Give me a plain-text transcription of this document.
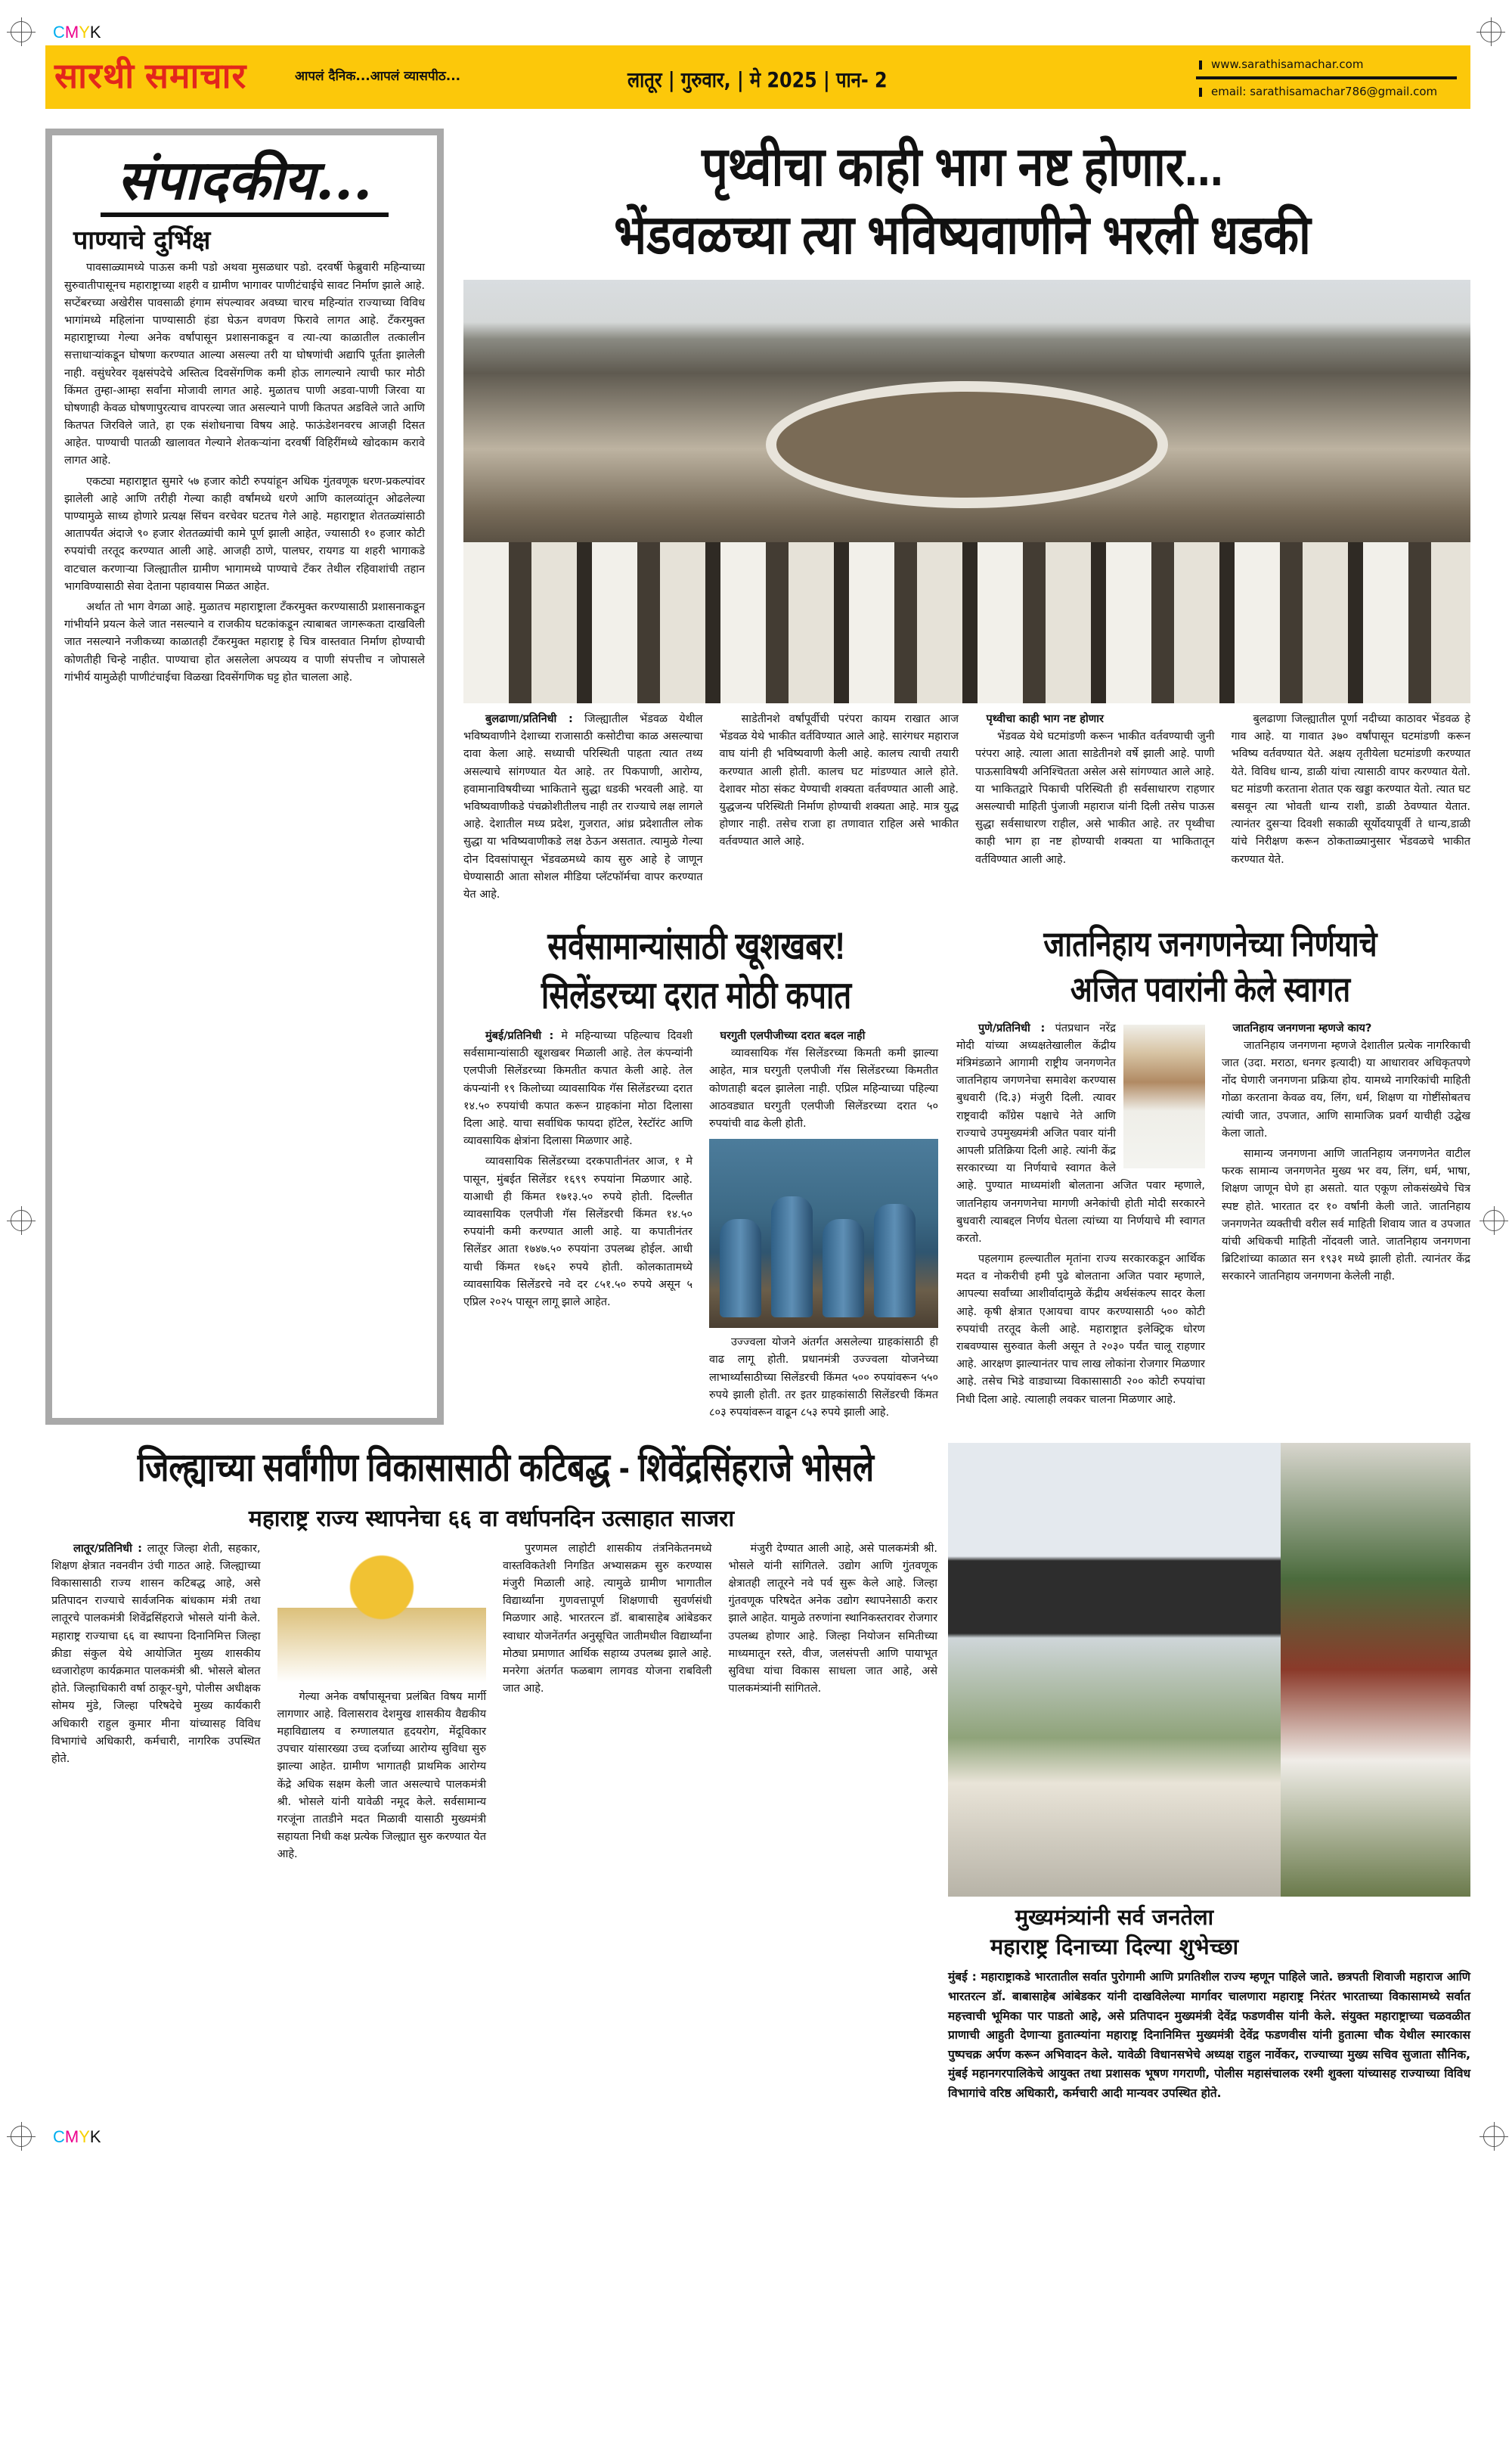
CMYK
सारथी समाचार	आपलं दैनिक...आपलं व्यासपीठ...	लातूर | गुरुवार, | मे 2025 | पान- 2
www.sarathisamachar.com
email: sarathisamachar786@gmail.com
संपादकीय...
पाण्याचे दुर्भिक्ष

पावसाळ्यामध्ये पाऊस कमी पडो अथवा मुसळधार पडो. दरवर्षी फेब्रुवारी महिन्याच्या सुरुवातीपासूनच महाराष्ट्राच्या शहरी व ग्रामीण भागावर पाणीटंचाईचे सावट निर्माण झाले आहे. सप्टेंबरच्या अखेरीस पावसाळी हंगाम संपल्यावर अवघ्या चारच महिन्यांत राज्याच्या विविध भागांमध्ये महिलांना पाण्यासाठी हंडा घेऊन वणवण फिरावे लागत आहे. टँकरमुक्त महाराष्ट्राच्या गेल्या अनेक वर्षांपासून प्रशासनाकडून व त्या-त्या काळातील तत्कालीन सत्ताधाऱ्यांकडून घोषणा करण्यात आल्या असल्या तरी या घोषणांची अद्यापि पूर्तता झालेली नाही. वसुंधरेवर वृक्षसंपदेचे अस्तित्व दिवसेंगणिक कमी होऊ लागल्याने त्याची फार मोठी किंमत तुम्हा-आम्हा सर्वांना मोजावी लागत आहे. मुळातच पाणी अडवा-पाणी जिरवा या घोषणाही केवळ घोषणापुरत्याच वापरल्या जात असल्याने पाणी कितपत अडविले जाते आणि कितपत जिरविले जाते, हा एक संशोधनाचा विषय आहे. फाऊंडेशनवरच आजही दिसत आहेत. पाण्याची पातळी खालावत गेल्याने शेतकऱ्यांना दरवर्षी विहिरींमध्ये खोदकाम करावे लागत आहे.

एकट्या महाराष्ट्रात सुमारे ५७ हजार कोटी रुपयांहून अधिक गुंतवणूक धरण-प्रकल्पांवर झालेली आहे आणि तरीही गेल्या काही वर्षांमध्ये धरणे आणि कालव्यांतून ओढलेल्या पाण्यामुळे साध्य होणारे प्रत्यक्ष सिंचन वरचेवर घटतच गेले आहे. महाराष्ट्रात शेततळ्यांसाठी आतापर्यंत अंदाजे ९० हजार शेततळ्यांची कामे पूर्ण झाली आहेत, ज्यासाठी १० हजार कोटी रुपयांची तरतूद करण्यात आली आहे. आजही ठाणे, पालघर, रायगड या शहरी भागाकडे वाटचाल करणाऱ्या जिल्ह्यातील ग्रामीण भागामध्ये पाण्याचे टँकर तेथील रहिवाशांची तहान भागविण्यासाठी सेवा देताना पहावयास मिळत आहेत.

अर्थात तो भाग वेगळा आहे. मुळातच महाराष्ट्राला टँकरमुक्त करण्यासाठी प्रशासनाकडून गांभीर्याने प्रयत्न केले जात नसल्याने व राजकीय घटकांकडून त्याबाबत जागरूकता दाखविली जात नसल्याने नजीकच्या काळातही टँकरमुक्त महाराष्ट्र हे चित्र वास्तवात निर्माण होण्याची कोणतीही चिन्हे नाहीत. पाण्याचा होत असलेला अपव्यय व पाणी संपत्तीच न जोपासले गांभीर्य यामुळेही पाणीटंचाईचा विळखा दिवसेंगणिक घट्ट होत चालला आहे.

पृथ्वीचा काही भाग नष्ट होणार...
भेंडवळच्या त्या भविष्यवाणीने भरली धडकी

बुलढाणा/प्रतिनिधी : जिल्ह्यातील भेंडवळ येथील भविष्यवाणीने देशाच्या राजासाठी कसोटीचा काळ असल्याचा दावा केला आहे. सध्याची परिस्थिती पाहता त्यात तथ्य असल्याचे सांगण्यात येत आहे. तर पिकपाणी, आरोग्य, हवामानाविषयीच्या भाकिताने सुद्धा धडकी भरवली आहे. या भविष्यवाणीकडे पंचक्रोशीतीलच नाही तर राज्याचे लक्ष लागले आहे. देशातील मध्य प्रदेश, गुजरात, आंध्र प्रदेशातील लोक सुद्धा या भविष्यवाणीकडे लक्ष ठेऊन असतात. त्यामुळे गेल्या दोन दिवसांपासून भेंडवळमध्ये काय सुरु आहे हे जाणून घेण्यासाठी आता सोशल मीडिया प्लॅटफॉर्मचा वापर करण्यात येत आहे.

साडेतीनशे वर्षांपूर्वीची परंपरा कायम राखात आज भेंडवळ येथे भाकीत वर्तविण्यात आले आहे. सारंगधर महाराज वाघ यांनी ही भविष्यवाणी केली आहे. कालच त्याची तयारी करण्यात आली होती. कालच घट मांडण्यात आले होते. देशावर मोठा संकट येण्याची शक्यता वर्तवण्यात आली आहे. युद्धजन्य परिस्थिती निर्माण होण्याची शक्यता आहे. मात्र युद्ध होणार नाही. तसेच राजा हा तणावात राहिल असे भाकीत वर्तवण्यात आले आहे.

पृथ्वीचा काही भाग नष्ट होणार

भेंडवळ येथे घटमांडणी करून भाकीत वर्तवण्याची जुनी परंपरा आहे. त्याला आता साडेतीनशे वर्षे झाली आहे. पाणी पाऊसाविषयी अनिश्चितता असेल असे सांगण्यात आले आहे. या भाकितद्वारे पिकाची परिस्थिती ही सर्वसाधारण राहणार असल्याची माहिती पुंजाजी महाराज यांनी दिली तसेच पाऊस सुद्धा सर्वसाधारण राहील, असे भाकीत आहे. तर पृथ्वीचा काही भाग हा नष्ट होण्याची शक्यता या भाकितातून वर्तविण्यात आली आहे.

बुलढाणा जिल्ह्यातील पूर्णा नदीच्या काठावर भेंडवळ हे गाव आहे. या गावात ३७० वर्षांपासून घटमांडणी करून भविष्य वर्तवण्यात येते. अक्षय तृतीयेला घटमांडणी करण्यात येते. विविध धान्य, डाळी यांचा त्यासाठी वापर करण्यात येतो. घट मांडणी करताना शेतात एक खड्डा करण्यात येतो. त्यात घट बसवून त्या भोवती धान्य राशी, डाळी ठेवण्यात येतात. त्यानंतर दुसऱ्या दिवशी सकाळी सूर्योदयापूर्वी ते धान्य,डाळी यांचे निरीक्षण करून ठोकताळ्यानुसार भेंडवळचे भाकीत करण्यात येते.

सर्वसामान्यांसाठी खूशखबर!
सिलेंडरच्या दरात मोठी कपात

मुंबई/प्रतिनिधी : मे महिन्याच्या पहिल्याच दिवशी सर्वसामान्यांसाठी खूशखबर मिळाली आहे. तेल कंपन्यांनी एलपीजी सिलेंडरच्या किमतीत कपात केली आहे. तेल कंपन्यांनी १९ किलोच्या व्यावसायिक गॅस सिलेंडरच्या दरात १४.५० रुपयांची कपात करून ग्राहकांना मोठा दिलासा दिला आहे. याचा सर्वाधिक फायदा हॉटेल, रेस्टॉरंट आणि व्यावसायिक क्षेत्रांना दिलासा मिळणार आहे.

व्यावसायिक सिलेंडरच्या दरकपातीनंतर आज, १ मे पासून, मुंबईत सिलेंडर १६९९ रुपयांना मिळणार आहे. याआधी ही किंमत १७१३.५० रुपये होती. दिल्लीत व्यावसायिक एलपीजी गॅस सिलेंडरची किंमत १४.५० रुपयांनी कमी करण्यात आली आहे. या कपातीनंतर सिलेंडर आता १७४७.५० रुपयांना उपलब्ध होईल. आधी याची किंमत १७६२ रुपये होती. कोलकातामध्ये व्यावसायिक सिलेंडरचे नवे दर ८५१.५० रुपये असून ५ एप्रिल २०२५ पासून लागू झाले आहेत.

घरगुती एलपीजीच्या दरात बदल नाही

व्यावसायिक गॅस सिलेंडरच्या किमती कमी झाल्या आहेत, मात्र घरगुती एलपीजी गॅस सिलेंडरच्या किमतीत कोणताही बदल झालेला नाही. एप्रिल महिन्याच्या पहिल्या आठवड्यात घरगुती एलपीजी सिलेंडरच्या दरात ५० रुपयांची वाढ केली होती.

उज्ज्वला योजने अंतर्गत असलेल्या ग्राहकांसाठी ही वाढ लागू होती. प्रधानमंत्री उज्ज्वला योजनेच्या लाभार्थ्यांसाठीच्या सिलेंडरची किंमत ५०० रुपयांवरून ५५० रुपये झाली होती. तर इतर ग्राहकांसाठी सिलेंडरची किंमत ८०३ रुपयांवरून वाढून ८५३ रुपये झाली आहे.

जातनिहाय जनगणनेच्या निर्णयाचे
अजित पवारांनी केले स्वागत

पुणे/प्रतिनिधी : पंतप्रधान नरेंद्र मोदी यांच्या अध्यक्षतेखालील केंद्रीय मंत्रिमंडळाने आगामी राष्ट्रीय जनगणनेत जातनिहाय जगणनेचा समावेश करण्यास बुधवारी (दि.३) मंजुरी दिली. त्यावर राष्ट्रवादी काँग्रेस पक्षाचे नेते आणि राज्याचे उपमुख्यमंत्री अजित पवार यांनी आपली प्रतिक्रिया दिली आहे. त्यांनी केंद्र सरकारच्या या निर्णयाचे स्वागत केले आहे. पुण्यात माध्यमांशी बोलताना अजित पवार म्हणाले, जातनिहाय जनगणनेचा मागणी अनेकांची होती मोदी सरकारने बुधवारी त्याबद्दल निर्णय घेतला त्यांच्या या निर्णयाचे मी स्वागत करतो.

पहलगाम हल्ल्यातील मृतांना राज्य सरकारकडून आर्थिक मदत व नोकरीची हमी पुढे बोलताना अजित पवार म्हणाले, आपल्या सर्वांच्या आशीर्वादामुळे केंद्रीय अर्थसंकल्प सादर केला आहे. कृषी क्षेत्रात एआयचा वापर करण्यासाठी ५०० कोटी रुपयांची तरतूद केली आहे. महाराष्ट्रात इलेक्ट्रिक धोरण राबवण्यास सुरुवात केली असून ते २०३० पर्यंत चालू राहणार आहे. आरक्षण झाल्यानंतर पाच लाख लोकांना रोजगार मिळणार आहे. तसेच भिडे वाड्याच्या विकासासाठी २०० कोटी रुपयांचा निधी दिला आहे. त्यालाही लवकर चालना मिळणार आहे.

जातनिहाय जनगणना म्हणजे काय?

जातनिहाय जनगणना म्हणजे देशातील प्रत्येक नागरिकाची जात (उदा. मराठा, धनगर इत्यादी) या आधारावर अधिकृतपणे नोंद घेणारी जनगणना प्रक्रिया होय. यामध्ये नागरिकांची माहिती गोळा करताना केवळ वय, लिंग, धर्म, शिक्षण या गोष्टींसोबतच त्यांची जात, उपजात, आणि सामाजिक प्रवर्ग याचीही उद्घेख केला जातो.

सामान्य जनगणना आणि जातनिहाय जनगणनेत वाटील फरक सामान्य जनगणनेत मुख्य भर वय, लिंग, धर्म, भाषा, शिक्षण जाणून घेणे हा असतो. यात एकूण लोकसंख्येचे चित्र स्पष्ट होते. भारतात दर १० वर्षांनी केली जाते. जातनिहाय जनगणनेत व्यक्तीची वरील सर्व माहिती शिवाय जात व उपजात यांची अधिकची माहिती नोंदवली जाते. जातनिहाय जनगणना ब्रिटिशांच्या काळात सन १९३१ मध्ये झाली होती. त्यानंतर केंद्र सरकारने जातनिहाय जनगणना केलेली नाही.

जिल्ह्याच्या सर्वांगीण विकासासाठी कटिबद्ध - शिवेंद्रसिंहराजे भोसले
महाराष्ट्र राज्य स्थापनेचा ६६ वा वर्धापनदिन उत्साहात साजरा

लातूर/प्रतिनिधी : लातूर जिल्हा शेती, सहकार, शिक्षण क्षेत्रात नवनवीन उंची गाठत आहे. जिल्ह्याच्या विकासासाठी राज्य शासन कटिबद्ध आहे, असे प्रतिपादन राज्याचे सार्वजनिक बांधकाम मंत्री तथा लातूरचे पालकमंत्री शिवेंद्रसिंहराजे भोसले यांनी केले. महाराष्ट्र राज्याचा ६६ वा स्थापना दिनानिमित्त जिल्हा क्रीडा संकुल येथे आयोजित मुख्य शासकीय ध्वजारोहण कार्यक्रमात पालकमंत्री श्री. भोसले बोलत होते. जिल्हाधिकारी वर्षा ठाकूर-घुगे, पोलीस अधीक्षक सोमय मुंडे, जिल्हा परिषदेचे मुख्य कार्यकारी अधिकारी राहुल कुमार मीना यांच्यासह विविध विभागांचे अधिकारी, कर्मचारी, नागरिक उपस्थित होते.

गेल्या अनेक वर्षांपासूनचा प्रलंबित विषय मार्गी लागणार आहे. विलासराव देशमुख शासकीय वैद्यकीय महाविद्यालय व रुग्णालयात हृदयरोग, मेंदूविकार उपचार यांसारख्या उच्च दर्जाच्या आरोग्य सुविधा सुरु झाल्या आहेत. ग्रामीण भागातही प्राथमिक आरोग्य केंद्रे अधिक सक्षम केली जात असल्याचे पालकमंत्री श्री. भोसले यांनी यावेळी नमूद केले. सर्वसामान्य गरजूंना तातडीने मदत मिळावी यासाठी मुख्यमंत्री सहायता निधी कक्ष प्रत्येक जिल्ह्यात सुरु करण्यात येत आहे.

पुरणमल लाहोटी शासकीय तंत्रनिकेतनमध्ये वास्तविकतेशी निगडित अभ्यासक्रम सुरु करण्यास मंजुरी मिळाली आहे. त्यामुळे ग्रामीण भागातील विद्यार्थ्यांना गुणवत्तापूर्ण शिक्षणाची सुवर्णसंधी मिळणार आहे. भारतरत्न डॉ. बाबासाहेब आंबेडकर स्वाधार योजनेंतर्गत अनुसूचित जातीमधील विद्यार्थ्यांना मोठ्या प्रमाणात आर्थिक सहाय्य उपलब्ध झाले आहे. मनरेगा अंतर्गत फळबाग लागवड योजना राबविली जात आहे.

मंजुरी देण्यात आली आहे, असे पालकमंत्री श्री. भोसले यांनी सांगितले. उद्योग आणि गुंतवणूक क्षेत्रातही लातूरने नवे पर्व सुरू केले आहे. जिल्हा गुंतवणूक परिषदेत अनेक उद्योग स्थापनेसाठी करार झाले आहेत. यामुळे तरुणांना स्थानिकस्तरावर रोजगार उपलब्ध होणार आहे. जिल्हा नियोजन समितीच्या माध्यमातून रस्ते, वीज, जलसंपत्ती आणि पायाभूत सुविधा यांचा विकास साधला जात आहे, असे पालकमंत्र्यांनी सांगितले.

मुख्यमंत्र्यांनी सर्व जनतेला
महाराष्ट्र दिनाच्या दिल्या शुभेच्छा
मुंबई : महाराष्ट्राकडे भारतातील सर्वात पुरोगामी आणि प्रगतिशील राज्य म्हणून पाहिले जाते. छत्रपती शिवाजी महाराज आणि भारतरत्न डॉ. बाबासाहेब आंबेडकर यांनी दाखविलेल्या मार्गावर चालणारा महाराष्ट्र निरंतर भारताच्या विकासामध्ये सर्वात महत्त्वाची भूमिका पार पाडतो आहे, असे प्रतिपादन मुख्यमंत्री देवेंद्र फडणवीस यांनी केले. संयुक्त महाराष्ट्राच्या चळवळीत प्राणाची आहुती देणाऱ्या हुतात्म्यांना महाराष्ट्र दिनानिमित्त मुख्यमंत्री देवेंद्र फडणवीस यांनी हुतात्मा चौक येथील स्मारकास पुष्पचक्र अर्पण करून अभिवादन केले. यावेळी विधानसभेचे अध्यक्ष राहुल नार्वेकर, राज्याच्या मुख्य सचिव सुजाता सौनिक, मुंबई महानगरपालिकेचे आयुक्त तथा प्रशासक भूषण गगराणी, पोलीस महासंचालक रश्मी शुक्ला यांच्यासह राज्याच्या विविध विभागांचे वरिष्ठ अधिकारी, कर्मचारी आदी मान्यवर उपस्थित होते.
CMYK
